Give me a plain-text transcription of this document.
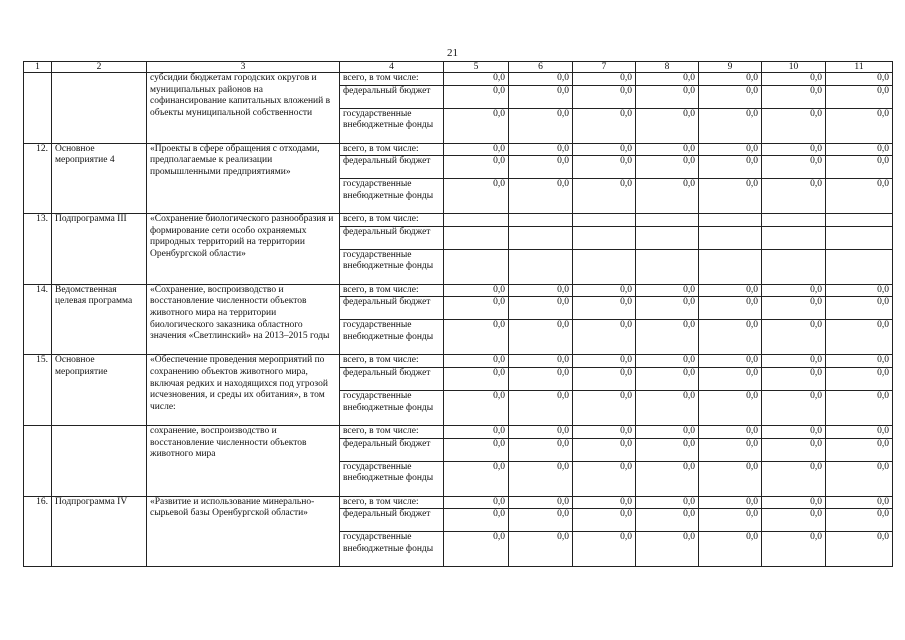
21
1	2	3	4	5	6	7	8	9	10	11
		субсидии бюджетам городских округов и муниципальных районов на софинансирование капитальных вложений в объекты муниципальной собственности	всего, в том числе:	0,0	0,0	0,0	0,0	0,0	0,0	0,0
			федеральный бюджет	0,0	0,0	0,0	0,0	0,0	0,0	0,0
			государственные внебюджетные фонды	0,0	0,0	0,0	0,0	0,0	0,0	0,0
12.	Основное мероприятие 4	«Проекты в сфере обращения с отходами, предполагаемые к реализации промышленными предприятиями»	всего, в том числе:	0,0	0,0	0,0	0,0	0,0	0,0	0,0
			федеральный бюджет	0,0	0,0	0,0	0,0	0,0	0,0	0,0
			государственные внебюджетные фонды	0,0	0,0	0,0	0,0	0,0	0,0	0,0
13.	Подпрограмма III	«Сохранение биологического разнообразия и формирование сети особо охраняемых природных территорий на территории Оренбургской области»	всего, в том числе:							
			федеральный бюджет							
			государственные внебюджетные фонды							
14.	Ведомственная целевая программа	«Сохранение, воспроизводство и восстановление численности объектов животного мира на территории биологического заказника областного значения «Светлинский» на 2013–2015 годы	всего, в том числе:	0,0	0,0	0,0	0,0	0,0	0,0	0,0
			федеральный бюджет	0,0	0,0	0,0	0,0	0,0	0,0	0,0
			государственные внебюджетные фонды	0,0	0,0	0,0	0,0	0,0	0,0	0,0
15.	Основное мероприятие	«Обеспечение проведения мероприятий по сохранению объектов животного мира, включая редких и находящихся под угрозой исчезновения, и среды их обитания», в том числе:	всего, в том числе:	0,0	0,0	0,0	0,0	0,0	0,0	0,0
			федеральный бюджет	0,0	0,0	0,0	0,0	0,0	0,0	0,0
			государственные внебюджетные фонды	0,0	0,0	0,0	0,0	0,0	0,0	0,0
		сохранение, воспроизводство и восстановление численности объектов животного мира	всего, в том числе:	0,0	0,0	0,0	0,0	0,0	0,0	0,0
			федеральный бюджет	0,0	0,0	0,0	0,0	0,0	0,0	0,0
			государственные внебюджетные фонды	0,0	0,0	0,0	0,0	0,0	0,0	0,0
16.	Подпрограмма IV	«Развитие и использование минерально-сырьевой базы Оренбургской области»	всего, в том числе:	0,0	0,0	0,0	0,0	0,0	0,0	0,0
			федеральный бюджет	0,0	0,0	0,0	0,0	0,0	0,0	0,0
			государственные внебюджетные фонды	0,0	0,0	0,0	0,0	0,0	0,0	0,0
